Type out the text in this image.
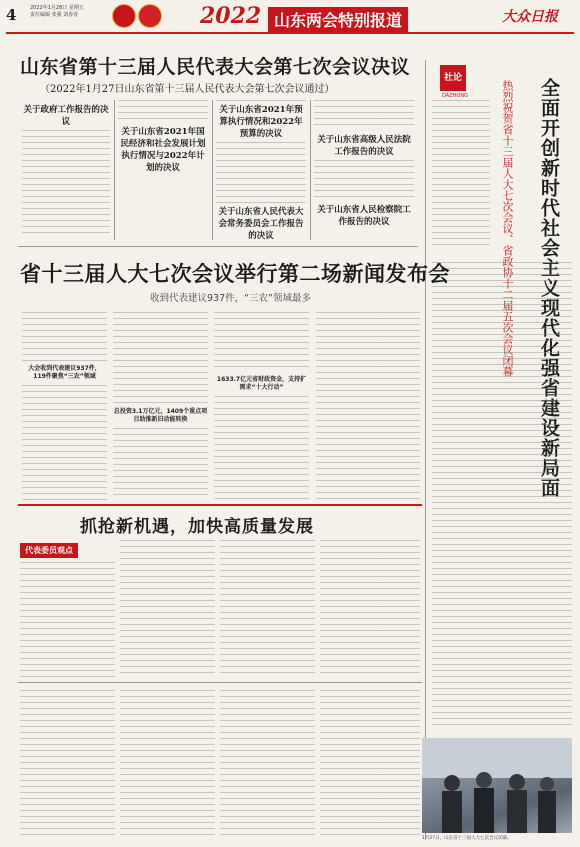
4	2022年1月28日 星期五
责任编辑 张强 刘春香	2022 山东两会特别报道	大众日报
山东省第十三届人民代表大会第七次会议决议
（2022年1月27日山东省第十三届人民代表大会第七次会议通过）
关于政府工作报告的决议
关于山东省2021年国民经济和社会发展计划执行情况与2022年计划的决议
关于山东省2021年预算执行情况和2022年预算的决议
关于山东省人民代表大会常务委员会工作报告的决议
关于山东省高级人民法院工作报告的决议
关于山东省人民检察院工作报告的决议
社论
DAZHONG	全面开创新时代社会主义现代化强省建设新局面
热烈祝贺省十三届人大七次会议、省政协十二届五次会议闭幕
省十三届人大七次会议举行第二场新闻发布会
收到代表建议937件，“三农”领域最多
大会收到代表建议937件，119件聚焦“三农”领域
总投资3.1万亿元，1409个重点项目助推新旧动能转换
1633.7亿元省财政资金，支持扩需求“十大行动”
抓抢新机遇，加快高质量发展
代表委员观点
1月27日，山东省十三届人大七次会议闭幕。
